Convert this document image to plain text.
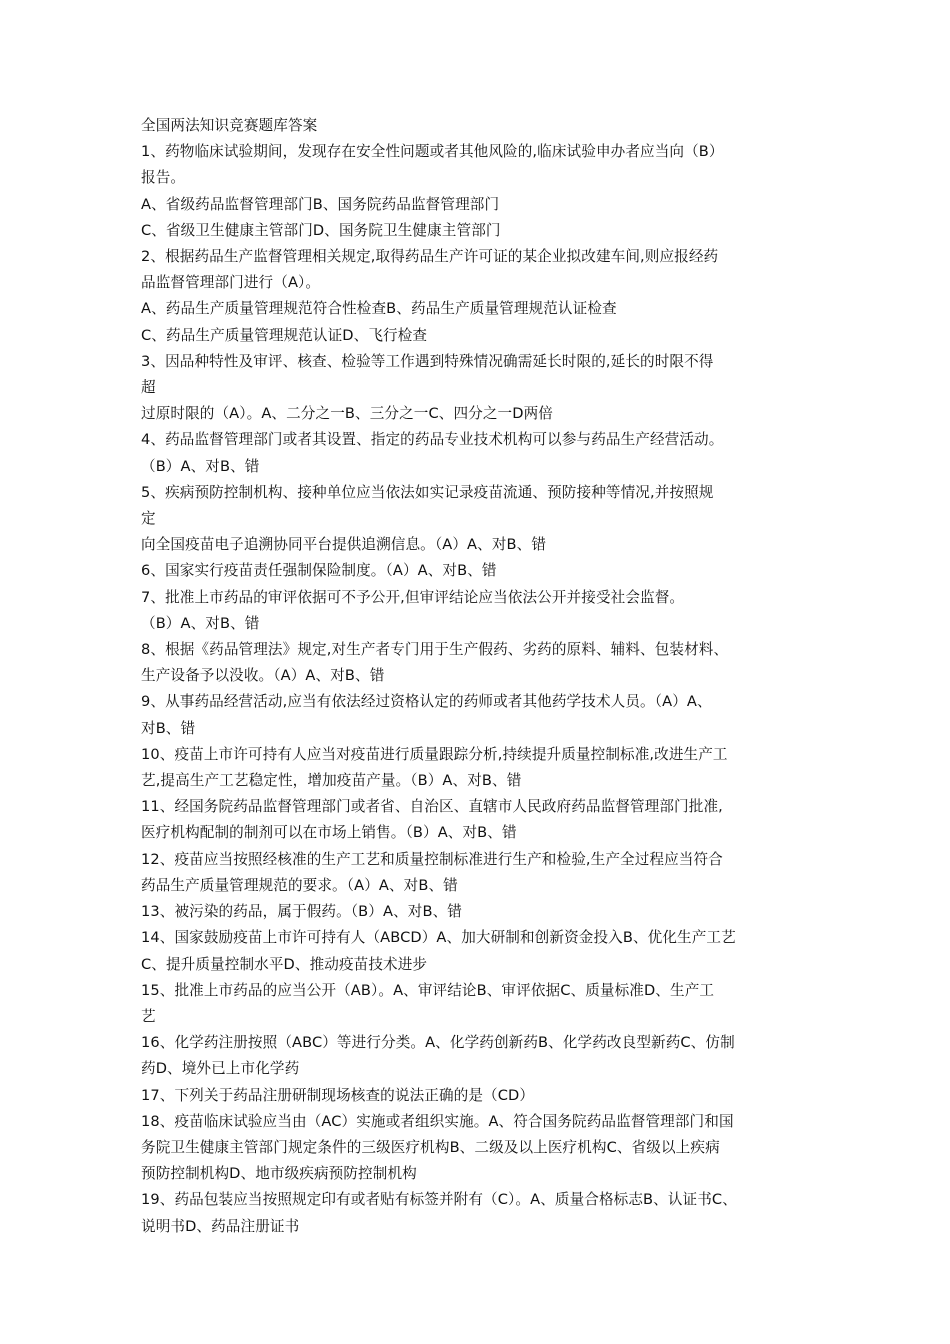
全国两法知识竞赛题库答案
1、药物临床试验期间，发现存在安全性问题或者其他风险的,临床试验申办者应当向（B）
报告。
A、省级药品监督管理部门B、国务院药品监督管理部门
C、省级卫生健康主管部门D、国务院卫生健康主管部门
2、根据药品生产监督管理相关规定,取得药品生产许可证的某企业拟改建车间,则应报经药
品监督管理部门进行（A）。
A、药品生产质量管理规范符合性检查B、药品生产质量管理规范认证检查
C、药品生产质量管理规范认证D、飞行检查
3、因品种特性及审评、核查、检验等工作遇到特殊情况确需延长时限的,延长的时限不得
超
过原时限的（A）。A、二分之一B、三分之一C、四分之一D两倍
4、药品监督管理部门或者其设置、指定的药品专业技术机构可以参与药品生产经营活动。
（B）A、对B、错
5、疾病预防控制机构、接种单位应当依法如实记录疫苗流通、预防接种等情况,并按照规
定
向全国疫苗电子追溯协同平台提供追溯信息。（A）A、对B、错
6、国家实行疫苗责任强制保险制度。（A）A、对B、错
7、批准上市药品的审评依据可不予公开,但审评结论应当依法公开并接受社会监督。
（B）A、对B、错
8、根据《药品管理法》规定,对生产者专门用于生产假药、劣药的原料、辅料、包装材料、
生产设备予以没收。（A）A、对B、错
9、从事药品经营活动,应当有依法经过资格认定的药师或者其他药学技术人员。（A）A、
对B、错
10、疫苗上市许可持有人应当对疫苗进行质量跟踪分析,持续提升质量控制标准,改进生产工
艺,提高生产工艺稳定性，增加疫苗产量。（B）A、对B、错
11、经国务院药品监督管理部门或者省、自治区、直辖市人民政府药品监督管理部门批准,
医疗机构配制的制剂可以在市场上销售。（B）A、对B、错
12、疫苗应当按照经核准的生产工艺和质量控制标准进行生产和检验,生产全过程应当符合
药品生产质量管理规范的要求。（A）A、对B、错
13、被污染的药品，属于假药。（B）A、对B、错
14、国家鼓励疫苗上市许可持有人（ABCD）A、加大研制和创新资金投入B、优化生产工艺
C、提升质量控制水平D、推动疫苗技术进步
15、批准上市药品的应当公开（AB）。A、审评结论B、审评依据C、质量标准D、生产工
艺
16、化学药注册按照（ABC）等进行分类。A、化学药创新药B、化学药改良型新药C、仿制
药D、境外已上市化学药
17、下列关于药品注册研制现场核查的说法正确的是（CD）
18、疫苗临床试验应当由（AC）实施或者组织实施。A、符合国务院药品监督管理部门和国
务院卫生健康主管部门规定条件的三级医疗机构B、二级及以上医疗机构C、省级以上疾病
预防控制机构D、地市级疾病预防控制机构
19、药品包装应当按照规定印有或者贴有标签并附有（C）。A、质量合格标志B、认证书C、
说明书D、药品注册证书
